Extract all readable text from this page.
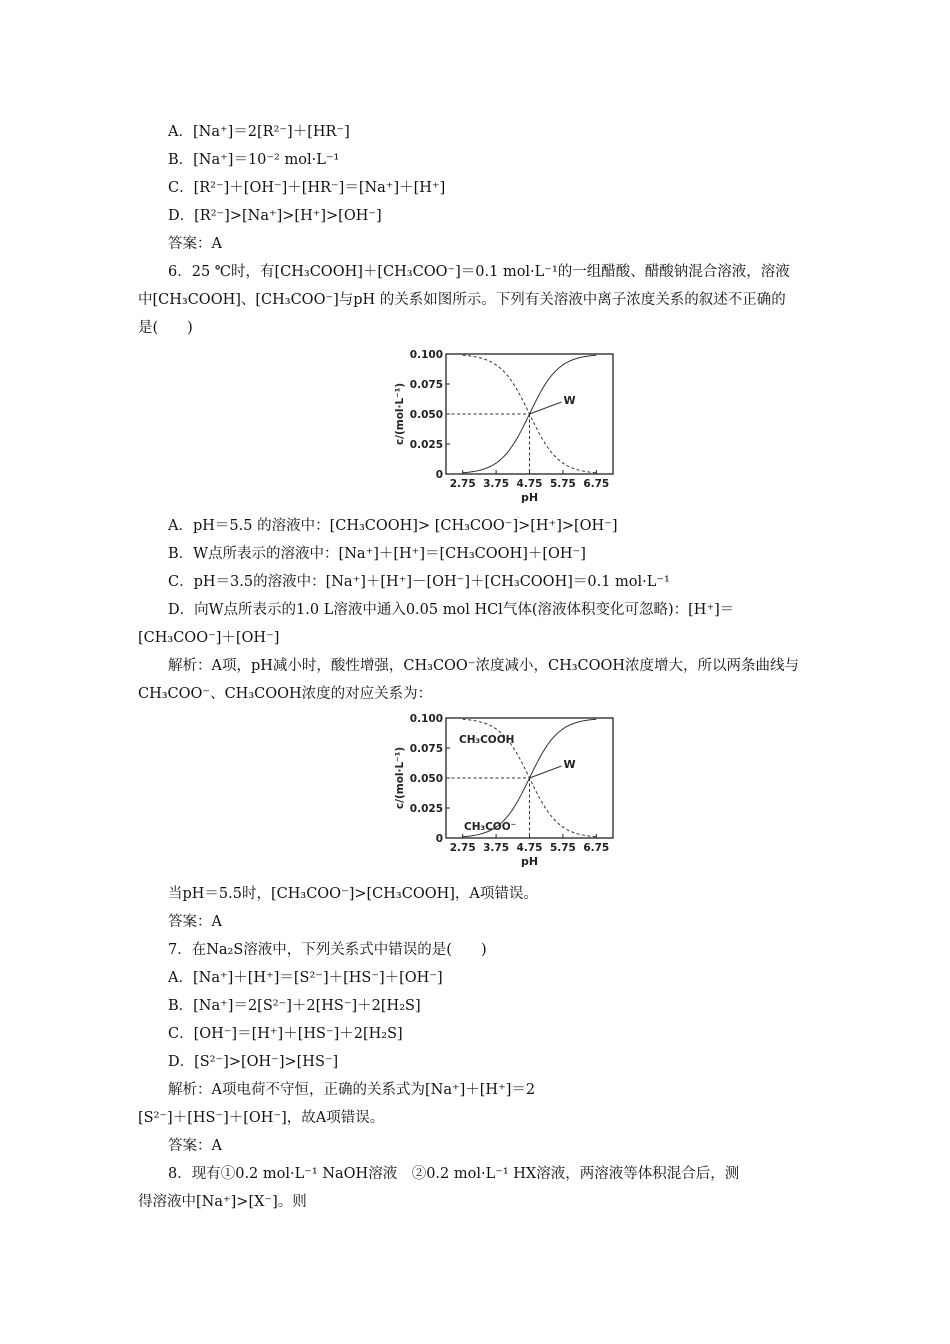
A．[Na⁺]＝2[R²⁻]＋[HR⁻]
B．[Na⁺]＝10⁻² mol·L⁻¹
C．[R²⁻]＋[OH⁻]＋[HR⁻]＝[Na⁺]＋[H⁺]
D．[R²⁻]>[Na⁺]>[H⁺]>[OH⁻]
答案：A
6．25 ℃时，有[CH₃COOH]＋[CH₃COO⁻]＝0.1 mol·L⁻¹的一组醋酸、醋酸钠混合溶液，溶液
中[CH₃COOH]、[CH₃COO⁻]与pH 的关系如图所示。下列有关溶液中离子浓度关系的叙述不正确的
是(　　)
2.75 3.75 4.75 5.75 6.75
0
0.025
0.050
0.075
0.100
pH
c/(mol·L⁻¹)	W
A．pH＝5.5 的溶液中：[CH₃COOH]> [CH₃COO⁻]>[H⁺]>[OH⁻]
B．W点所表示的溶液中：[Na⁺]＋[H⁺]＝[CH₃COOH]＋[OH⁻]
C．pH＝3.5的溶液中：[Na⁺]＋[H⁺]－[OH⁻]＋[CH₃COOH]＝0.1 mol·L⁻¹
D．向W点所表示的1.0 L溶液中通入0.05 mol HCl气体(溶液体积变化可忽略)：[H⁺]＝
[CH₃COO⁻]＋[OH⁻]
解析：A项，pH减小时，酸性增强，CH₃COO⁻浓度减小，CH₃COOH浓度增大，所以两条曲线与
CH₃COO⁻、CH₃COOH浓度的对应关系为：
2.75 3.75 4.75 5.75 6.75
0
0.025
0.050
0.075
0.100
pH
c/(mol·L⁻¹)	W
CH₃COOH
CH₃COO⁻
当pH＝5.5时，[CH₃COO⁻]>[CH₃COOH]，A项错误。
答案：A
7．在Na₂S溶液中，下列关系式中错误的是(　　)
A．[Na⁺]＋[H⁺]＝[S²⁻]＋[HS⁻]＋[OH⁻]
B．[Na⁺]＝2[S²⁻]＋2[HS⁻]＋2[H₂S]
C．[OH⁻]＝[H⁺]＋[HS⁻]＋2[H₂S]
D．[S²⁻]>[OH⁻]>[HS⁻]
解析：A项电荷不守恒，正确的关系式为[Na⁺]＋[H⁺]＝2
[S²⁻]＋[HS⁻]＋[OH⁻]，故A项错误。
答案：A
8．现有①0.2 mol·L⁻¹ NaOH溶液　②0.2 mol·L⁻¹ HX溶液，两溶液等体积混合后，测
得溶液中[Na⁺]>[X⁻]。则
